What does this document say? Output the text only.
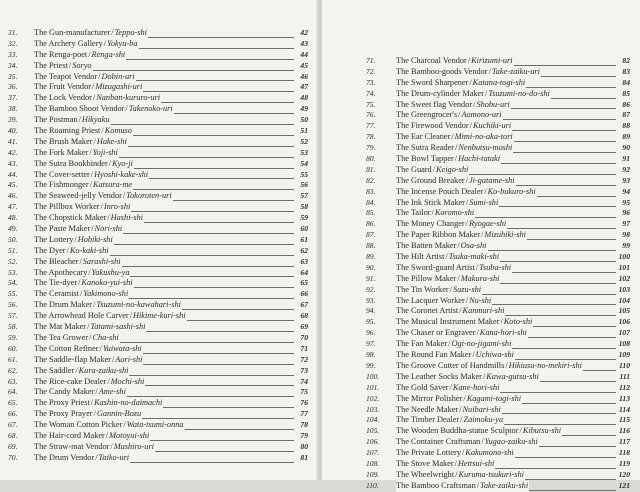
31.	The Gun-manufacturer/Teppo-shi	42
32.	The Archery Gallery/Yokyu-ba	43
33.	The Renga-poet/Renga-shi	44
34.	The Priest/Soryo	45
35.	The Teapot Vendor/Dobin-uri	46
36.	The Fruit Vendor/Mizugashi-uri	47
37.	The Lock Vendor/Nanban-kururo-uri	48
38.	The Bamboo Shoot Vendor/Takenoko-uri	49
39.	The Postman/Hikyaku	50
40.	The Roaming Priest/Komuso	51
41.	The Brush Maker/Hake-shi	52
42.	The Fork Maker/Yoji-shi	53
43.	The Sutra Bookbinder/Kyo-ji	54
44.	The Cover-setter/Hyoshi-kake-shi	55
45.	The Fishmonger/Katsura-me	56
46.	The Seaweed-jelly Vendor/Tokoroten-uri	57
47.	The Pillbox Worker/Inro-shi	58
48.	The Chopstick Maker/Hashi-shi	59
49.	The Paste Maker/Nori-shi	60
50.	The Lottery/Hobiki-shi	61
51.	The Dyer/Ko-kaki-shi	62
52.	The Bleacher/Sarashi-shi	63
53.	The Apothecary/Yakushu-ya	64
54.	The Tie-dyer/Kanoko-yui-shi	65
55.	The Ceramist/Yakimono-shi	66
56.	The Drum Maker/Tsuzumi-no-kawahari-shi	67
57.	The Arrowhead Hole Carver/Hikime-kuri-shi	68
58.	The Mat Maker/Tatami-sashi-shi	69
59.	The Tea Grower/Cha-shi	70
60.	The Cotton Refiner/Yuiwata-shi	71
61.	The Saddle-flap Maker/Aori-shi	72
62.	The Saddler/Kura-zaiku-shi	73
63.	The Rice-cake Dealer/Mochi-shi	74
64.	The Candy Maker/Ame-shi	75
65.	The Proxy Priest/Kashin-no-daimachi	76
66.	The Proxy Prayer/Gannin-Bozu	77
67.	The Woman Cotton Picker/Wata-tsumi-onna	78
68.	The Hair-cord Maker/Motoyui-shi	79
69.	The Straw-mat Vendor/Mushiro-uri	80
70.	The Drum Vendor/Taiko-uri	81
71.	The Charcoal Vendor/Kirizumi-uri	82
72.	The Bamboo-goods Vendor/Take-zaiku-uri	83
73.	The Sword Sharpener/Katana-togi-shi	84
74.	The Drum-cylinder Maker/Tsuzumi-no-do-shi	85
75.	The Sweet flag Vendor/Shobu-uri	86
76.	The Greengrocer's/Aomono-uri	87
77.	The Firewood Vendor/Kuchiki-uri	88
78.	The Ear Cleaner/Mimi-no-aka-tori	89
79.	The Sutra Reader/Nenbutsu-moshi	90
80.	The Bowl Tapper/Hachi-tataki	91
81.	The Guard/Keigo-shi	92
82.	The Ground Breaker/Ji-gatame-shi	93
83.	The Incense Pouch Dealer/Ko-bukuro-shi	94
84.	The Ink Stick Maker/Sumi-shi	95
85.	The Tailor/Koromo-shi	96
86.	The Money Changer/Ryogae-shi	97
87.	The Paper Ribbon Maker/Mizuhiki-shi	98
88.	The Batten Maker/Osa-shi	99
89.	The Hilt Artist/Tsuka-maki-shi	100
90.	The Sword-guard Artist/Tsuba-shi	101
91.	The Pillow Maker/Makura-shi	102
92.	The Tin Worker/Suzu-shi	103
93.	The Lacquer Worker/Nu-shi	104
94.	The Coronet Artist/Kanmuri-shi	105
95.	The Musical Instrument Maker/Koto-shi	106
96.	The Chaser or Engraver/Kana-hori-shi	107
97.	The Fan Maker/Ogi-no-jigami-shi	108
98.	The Round Fan Maker/Uchiwa-shi	109
99.	The Groove Cutter of Handmills/Hikiusu-no-mekiri-shi	110
100.	The Leather Socks Maker/Kawa-gutsu-shi	111
101.	The Gold Saver/Kane-hori-shi	112
102.	The Mirror Polisher/Kagami-togi-shi	113
103.	The Needle Maker/Nuibari-shi	114
104.	The Timber Dealer/Zaimoku-ya	115
105.	The Wooden Buddha-statue Sculptor/Kibutsu-shi	116
106.	The Container Craftsman/Yugao-zaiku-shi	117
107.	The Private Lottery/Kakumono-shi	118
108.	The Stove Maker/Hettsui-shi	119
109.	The Wheelwright/Kuruma-tsukuri-shi	120
110.	The Bamboo Craftsman/Take-zaiku-shi	121
